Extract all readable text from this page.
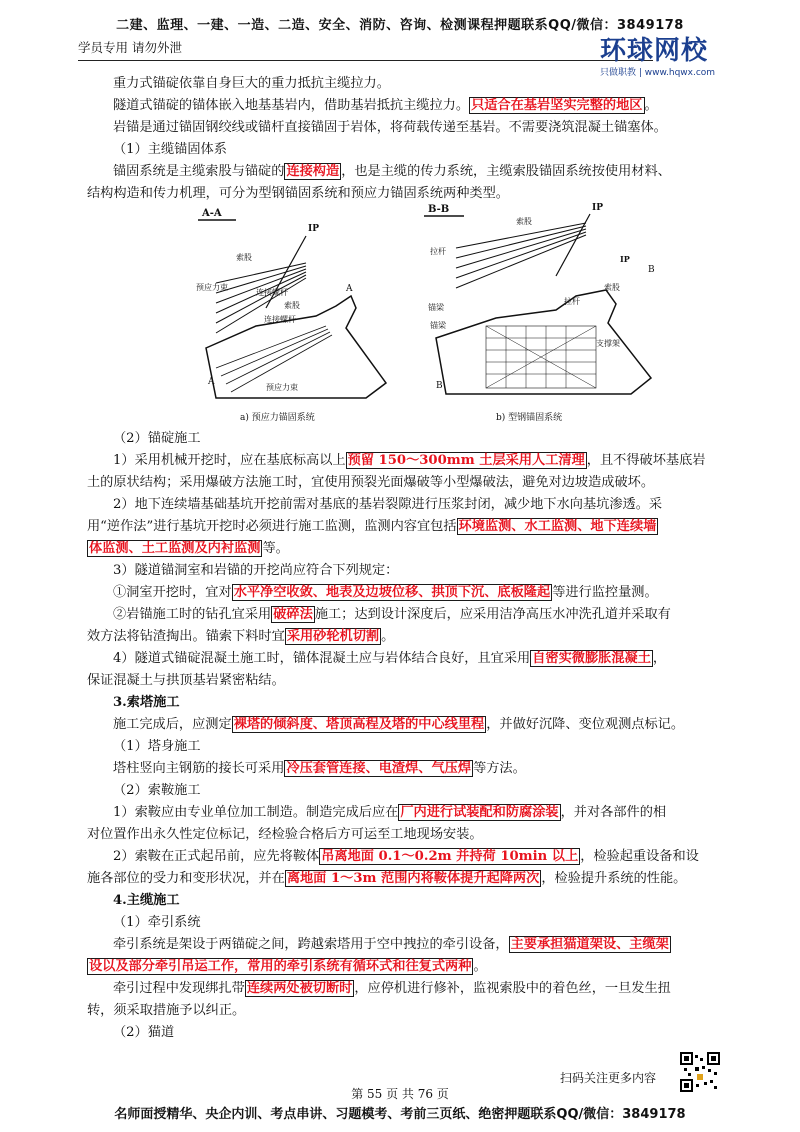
二建、监理、一建、一造、二造、安全、消防、咨询、检测课程押题联系QQ/微信：3849178
学员专用 请勿外泄	环球网校
只做职教 | www.hqwx.com
重力式锚碇依靠自身巨大的重力抵抗主缆拉力。
隧道式锚碇的锚体嵌入地基基岩内，借助基岩抵抗主缆拉力。 只适合在基岩坚实完整的地区 。
岩锚是通过锚固钢绞线或锚杆直接锚固于岩体，将荷载传递至基岩。不需要浇筑混凝土锚塞体。
（1）主缆锚固体系
锚固系统是主缆索股与锚碇的 连接构造 ，也是主缆的传力系统，主缆索股锚固系统按使用材料、
结构构造和传力机理，可分为型钢锚固系统和预应力锚固系统两种类型。
A-A
IP
索股
预应力束
连接螺杆
索股
连接螺杆
A
A
预应力束
a) 预应力锚固系统
B-B	IP
索股
拉杆
IP
B
索股
拉杆
锚梁
锚梁
支撑架
B
b) 型钢锚固系统
（2）锚碇施工
1）采用机械开挖时，应在基底标高以上 预留 150～300mm 土层采用人工清理 ，且不得破坏基底岩
土的原状结构；采用爆破方法施工时，宜使用预裂光面爆破等小型爆破法，避免对边坡造成破坏。
2）地下连续墙基础基坑开挖前需对基底的基岩裂隙进行压浆封闭，减少地下水向基坑渗透。采
用“逆作法”进行基坑开挖时必须进行施工监测，监测内容宜包括 环境监测、水工监测、地下连续墙
体监测、土工监测及内衬监测 等。
3）隧道锚洞室和岩锚的开挖尚应符合下列规定：
①洞室开挖时，宜对 水平净空收敛、地表及边坡位移、拱顶下沉、底板隆起 等进行监控量测。
②岩锚施工时的钻孔宜采用 破碎法 施工；达到设计深度后，应采用洁净高压水冲洗孔道并采取有
效方法将钻渣掏出。锚索下料时宜 采用砂轮机切割 。
4）隧道式锚碇混凝土施工时，锚体混凝土应与岩体结合良好，且宜采用 自密实微膨胀混凝土 ，
保证混凝土与拱顶基岩紧密粘结。
3.索塔施工
施工完成后，应测定 裸塔的倾斜度、塔顶高程及塔的中心线里程 ，并做好沉降、变位观测点标记。
（1）塔身施工
塔柱竖向主钢筋的接长可采用 冷压套管连接、电渣焊、气压焊 等方法。
（2）索鞍施工
1）索鞍应由专业单位加工制造。制造完成后应在 厂内进行试装配和防腐涂装 ，并对各部件的相
对位置作出永久性定位标记，经检验合格后方可运至工地现场安装。
2）索鞍在正式起吊前，应先将鞍体 吊离地面 0.1～0.2m 并持荷 10min 以上 ，检验起重设备和设
施各部位的受力和变形状况，并在 离地面 1～3m 范围内将鞍体提升起降两次 ，检验提升系统的性能。
4.主缆施工
（1）牵引系统
牵引系统是架设于两锚碇之间，跨越索塔用于空中拽拉的牵引设备， 主要承担猫道架设、主缆架
设以及部分牵引吊运工作，常用的牵引系统有循环式和往复式两种 。
牵引过程中发现绑扎带 连续两处被切断时 ，应停机进行修补，监视索股中的着色丝，一旦发生扭
转，须采取措施予以纠正。
（2）猫道
扫码关注更多内容
第 55 页 共 76 页
名师面授精华、央企内训、考点串讲、习题模考、考前三页纸、绝密押题联系QQ/微信：3849178
